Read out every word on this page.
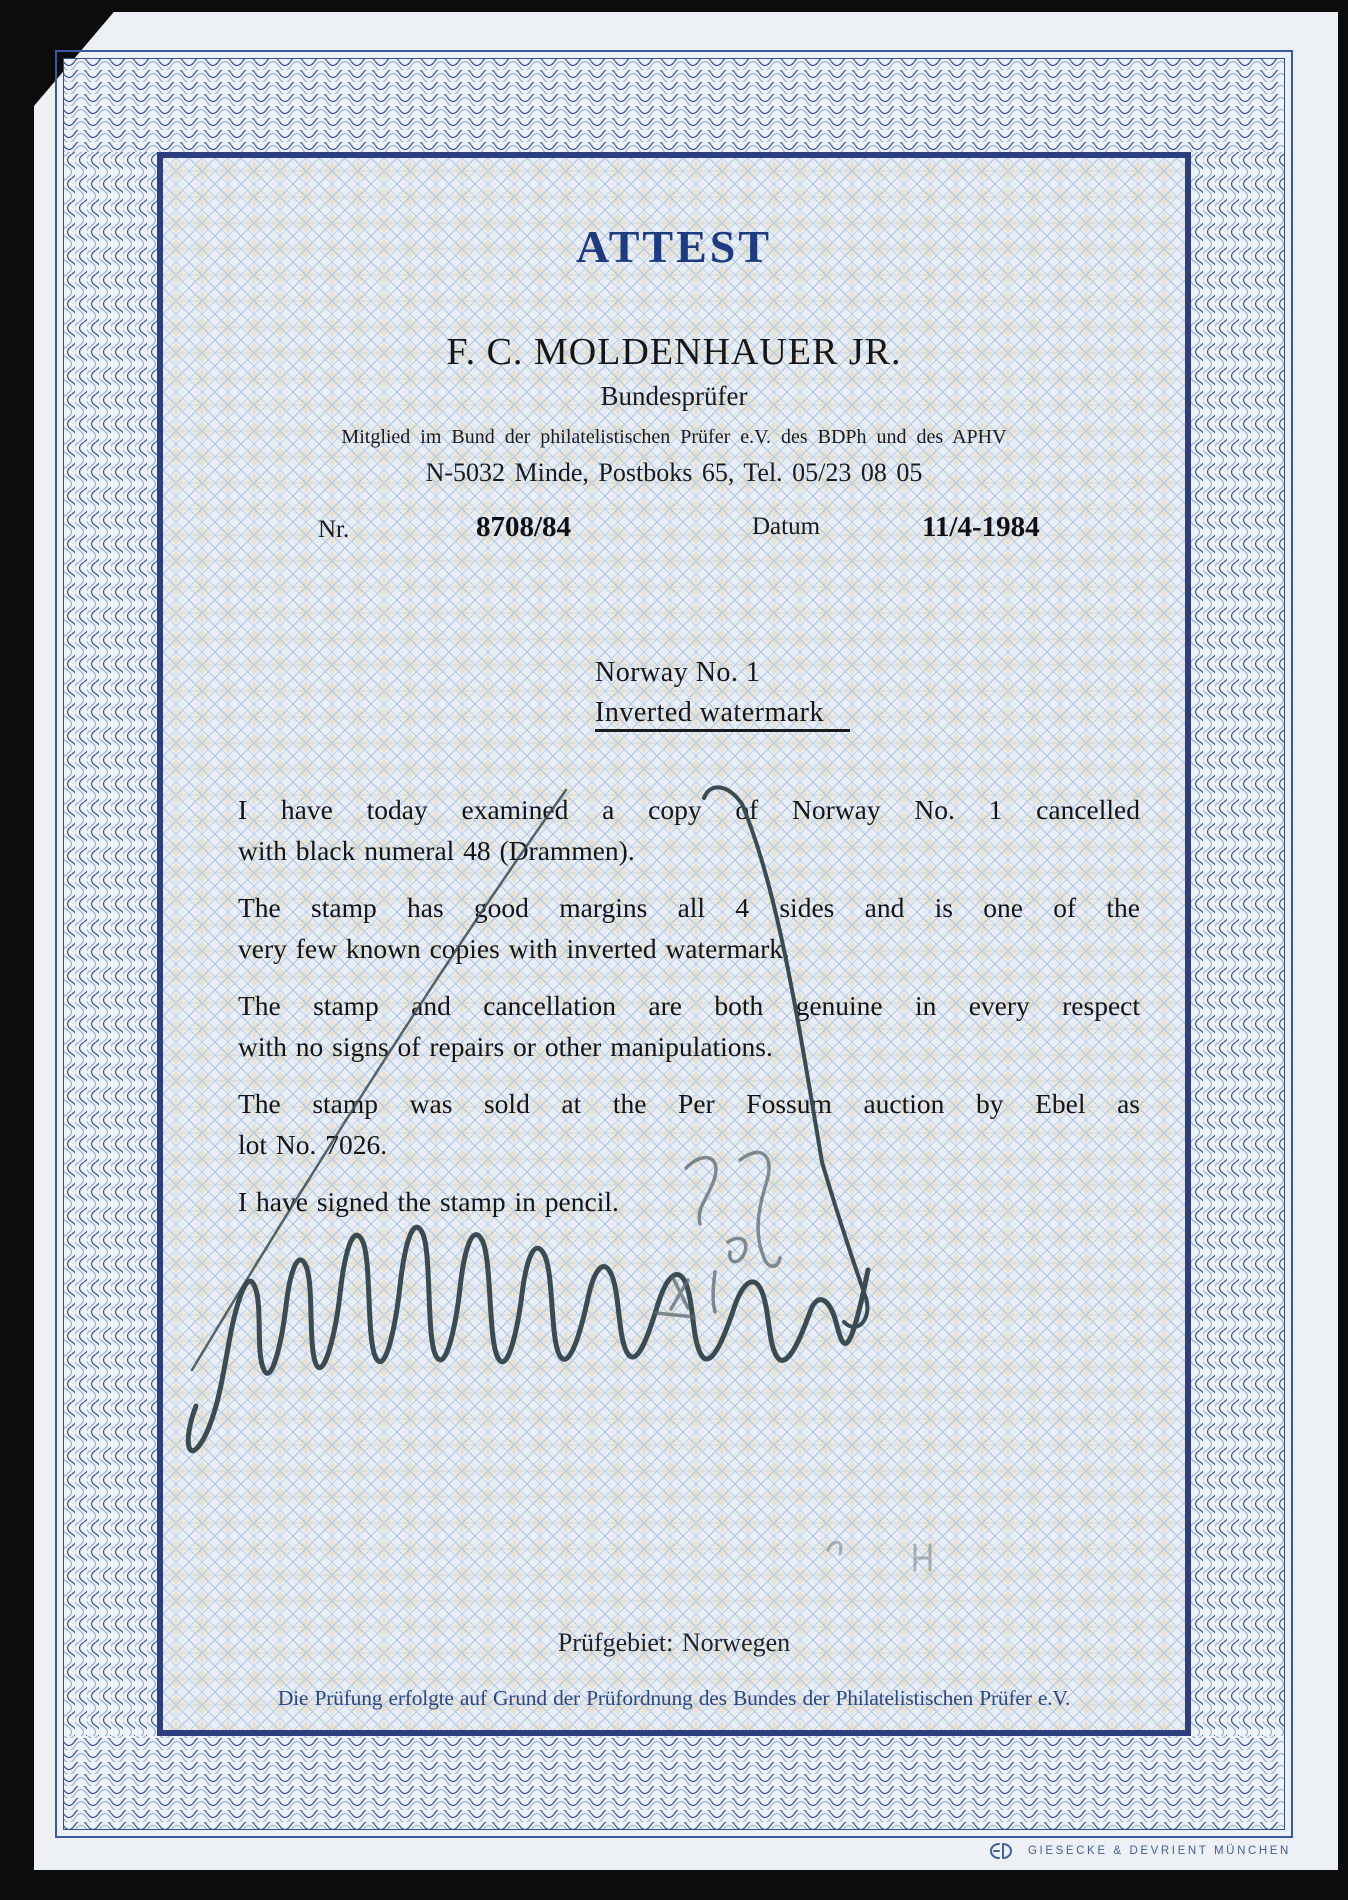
ATTEST
F. C. MOLDENHAUER JR.
Bundesprüfer
Mitglied im Bund der philatelistischen Prüfer e.V. des BDPh und des APHV
N-5032 Minde, Postboks 65, Tel. 05/23 08 05
Nr.	8708/84	Datum	11/4-1984
Norway No. 1
Inverted watermark
I have today examined a copy of Norway No. 1 cancelled
with black numeral 48 (Drammen).
The stamp has good margins all 4 sides and is one of the
very few known copies with inverted watermark.
The stamp and cancellation are both genuine in every respect
with no signs of repairs or other manipulations.
The stamp was sold at the Per Fossum auction by Ebel as
lot No. 7026.
I have signed the stamp in pencil.
Prüfgebiet: Norwegen
Die Prüfung erfolgte auf Grund der Prüfordnung des Bundes der Philatelistischen Prüfer e.V.
GIESECKE & DEVRIENT MÜNCHEN
